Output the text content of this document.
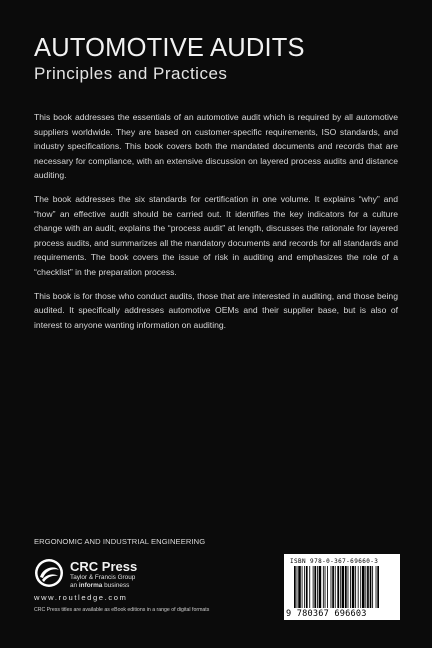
AUTOMOTIVE AUDITS
Principles and Practices

This book addresses the essentials of an automotive audit which is required by all automotive suppliers worldwide. They are based on customer-specific requirements, ISO standards, and industry specifications. This book covers both the mandated documents and records that are necessary for compliance, with an extensive discussion on layered process audits and distance auditing.

The book addresses the six standards for certification in one volume. It explains “why” and “how” an effective audit should be carried out. It identifies the key indicators for a culture change with an audit, explains the “process audit” at length, discusses the rationale for layered process audits, and summarizes all the mandatory documents and records for all standards and requirements. The book covers the issue of risk in auditing and emphasizes the role of a “checklist” in the preparation process.

This book is for those who conduct audits, those that are interested in auditing, and those being audited. It specifically addresses automotive OEMs and their supplier base, but is also of interest to anyone wanting information on auditing.

ERGONOMIC AND INDUSTRIAL ENGINEERING
CRC Press
Taylor & Francis Group
an informa business
www.routledge.com
CRC Press titles are available as eBook editions in a range of digital formats
ISBN 978-0-367-69660-3
9 780367 696603
